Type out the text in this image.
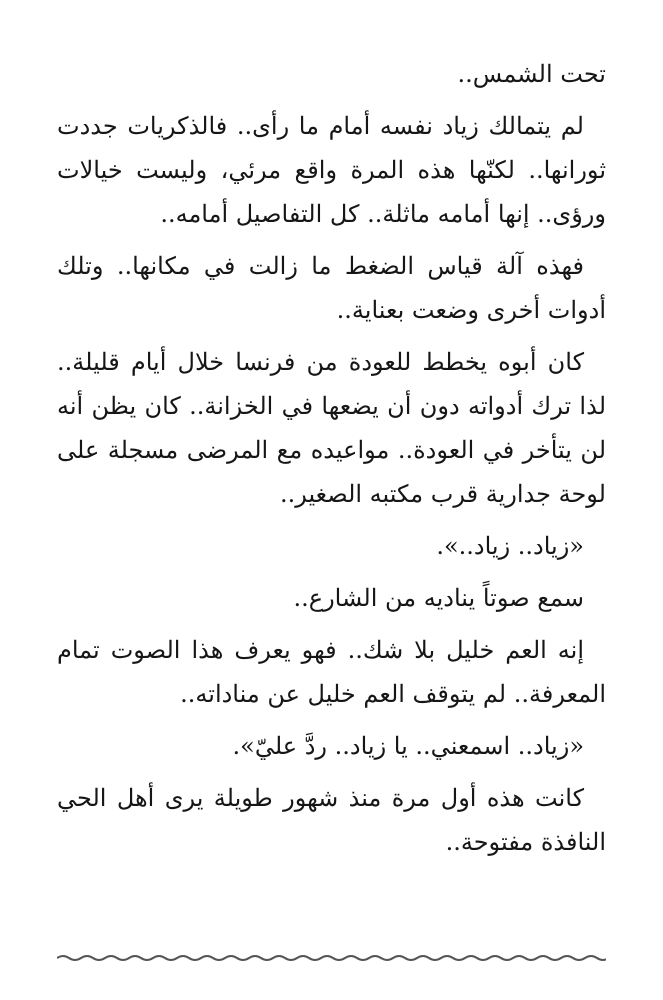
تحت الشمس..

لم يتمالك زياد نفسه أمام ما رأى.. فالذكريات جددت ثورانها.. لكنّها هذه المرة واقع مرئي، وليست خيالات ورؤى.. إنها أمامه ماثلة.. كل التفاصيل أمامه..

فهذه آلة قياس الضغط ما زالت في مكانها.. وتلك أدوات أخرى وضعت بعناية..

كان أبوه يخطط للعودة من فرنسا خلال أيام قليلة.. لذا ترك أدواته دون أن يضعها في الخزانة.. كان يظن أنه لن يتأخر في العودة.. مواعيده مع المرضى مسجلة على لوحة جدارية قرب مكتبه الصغير..

«زياد.. زياد..».

سمع صوتاً يناديه من الشارع..

إنه العم خليل بلا شك.. فهو يعرف هذا الصوت تمام المعرفة.. لم يتوقف العم خليل عن مناداته..

«زياد.. اسمعني.. يا زياد.. ردَّ عليّ».

كانت هذه أول مرة منذ شهور طويلة يرى أهل الحي النافذة مفتوحة..
